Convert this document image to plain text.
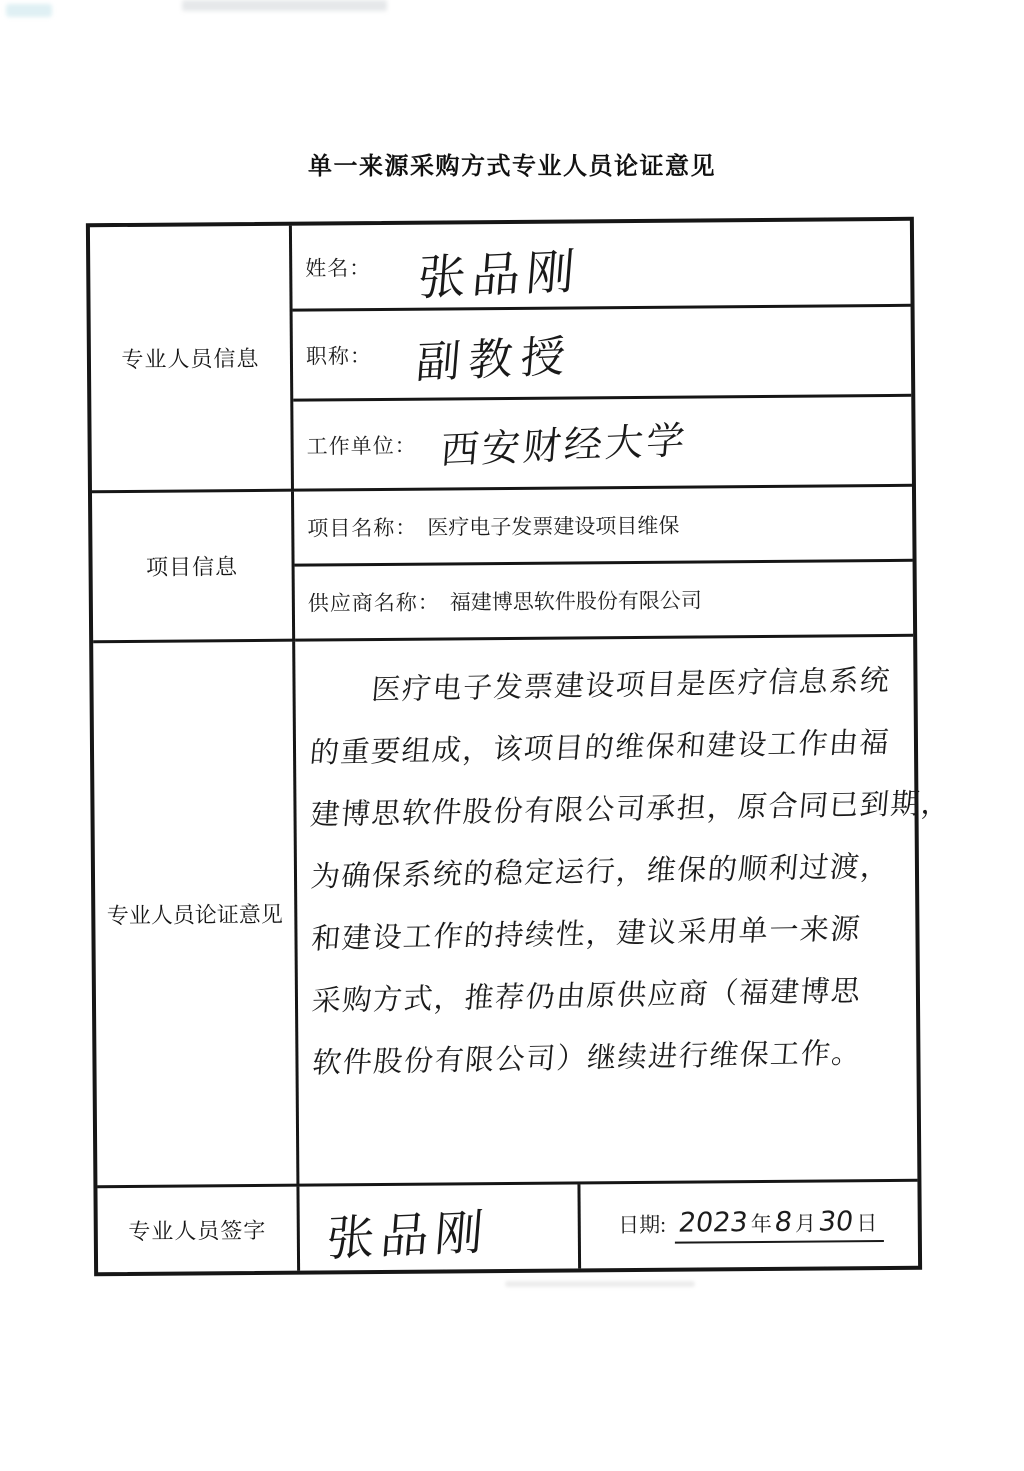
单一来源采购方式专业人员论证意见
专业人员信息
姓名： 张品刚
职称： 副教授
工作单位： 西安财经大学
项目信息
项目名称： 医疗电子发票建设项目维保
供应商名称： 福建博思软件股份有限公司
专业人员论证意见
医疗电子发票建设项目是医疗信息系统
的重要组成，该项目的维保和建设工作由福
建博思软件股份有限公司承担，原合同已到期，
为确保系统的稳定运行，维保的顺利过渡，
和建设工作的持续性，建议采用单一来源
采购方式，推荐仍由原供应商（福建博思
软件股份有限公司）继续进行维保工作。
专业人员签字	张品刚	日期: 2023 年 8 月 30 日
